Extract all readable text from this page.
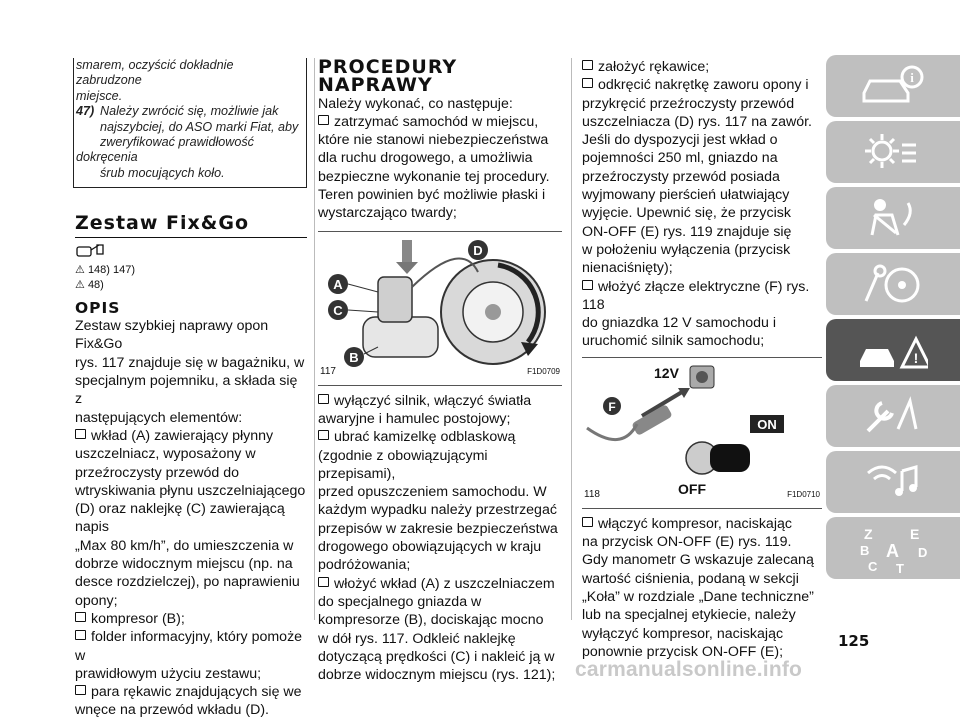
smarem, oczyścić dokładnie zabrudzone
miejsce.
47) Należy zwrócić się, możliwie jak
najszybciej, do ASO marki Fiat, aby
zweryfikować prawidłowość dokręcenia
śrub mocujących koło.
Zestaw Fix&Go
⚠ 148) 147)
⚠ 48)
OPIS
Zestaw szybkiej naprawy opon Fix&Go
rys. 117 znajduje się w bagażniku, w
specjalnym pojemniku, a składa się z
następujących elementów:
wkład (A) zawierający płynny
uszczelniacz, wyposażony w
przeźroczysty przewód do
wtryskiwania płynu uszczelniającego
(D) oraz naklejkę (C) zawierającą napis
„Max 80 km/h”, do umieszczenia w
dobrze widocznym miejscu (np. na
desce rozdzielczej), po naprawieniu
opony;
kompresor (B);
folder informacyjny, który pomoże w
prawidłowym użyciu zestawu;
para rękawic znajdujących się we
wnęce na przewód wkładu (D).
PROCEDURY NAPRAWY
Należy wykonać, co następuje:
zatrzymać samochód w miejscu,
które nie stanowi niebezpieczeństwa
dla ruchu drogowego, a umożliwia
bezpieczne wykonanie tej procedury.
Teren powinien być możliwie płaski i
wystarczająco twardy;
A
C
D
B
117	F1D0709
wyłączyć silnik, włączyć światła
awaryjne i hamulec postojowy;
ubrać kamizelkę odblaskową
(zgodnie z obowiązującymi przepisami),
przed opuszczeniem samochodu. W
każdym wypadku należy przestrzegać
przepisów w zakresie bezpieczeństwa
drogowego obowiązujących w kraju
podróżowania;
włożyć wkład (A) z uszczelniaczem
do specjalnego gniazda w
kompresorze (B), dociskając mocno
w dół rys. 117. Odkleić naklejkę
dotyczącą prędkości (C) i nakleić ją w
dobrze widocznym miejscu (rys. 121);
założyć rękawice;
odkręcić nakrętkę zaworu opony i
przykręcić przeźroczysty przewód
uszczelniacza (D) rys. 117 na zawór.
Jeśli do dyspozycji jest wkład o
pojemności 250 ml, gniazdo na
przeźroczysty przewód posiada
wyjmowany pierścień ułatwiający
wyjęcie. Upewnić się, że przycisk
ON-OFF (E) rys. 119 znajduje się
w położeniu wyłączenia (przycisk
nienaciśnięty);
włożyć złącze elektryczne (F) rys. 118
do gniazdka 12 V samochodu i
uruchomić silnik samochodu;
12V
F
ON
OFF
118	F1D0710
włączyć kompresor, naciskając
na przycisk ON-OFF (E) rys. 119.
Gdy manometr G wskazuje zalecaną
wartość ciśnienia, podaną w sekcji
„Koła” w rozdziale „Dane techniczne”
lub na specjalnej etykiecie, należy
wyłączyć kompresor, naciskając
ponownie przycisk ON-OFF (E);
i
!
Z	E
B A D
C T
125
carmanualsonline.info
